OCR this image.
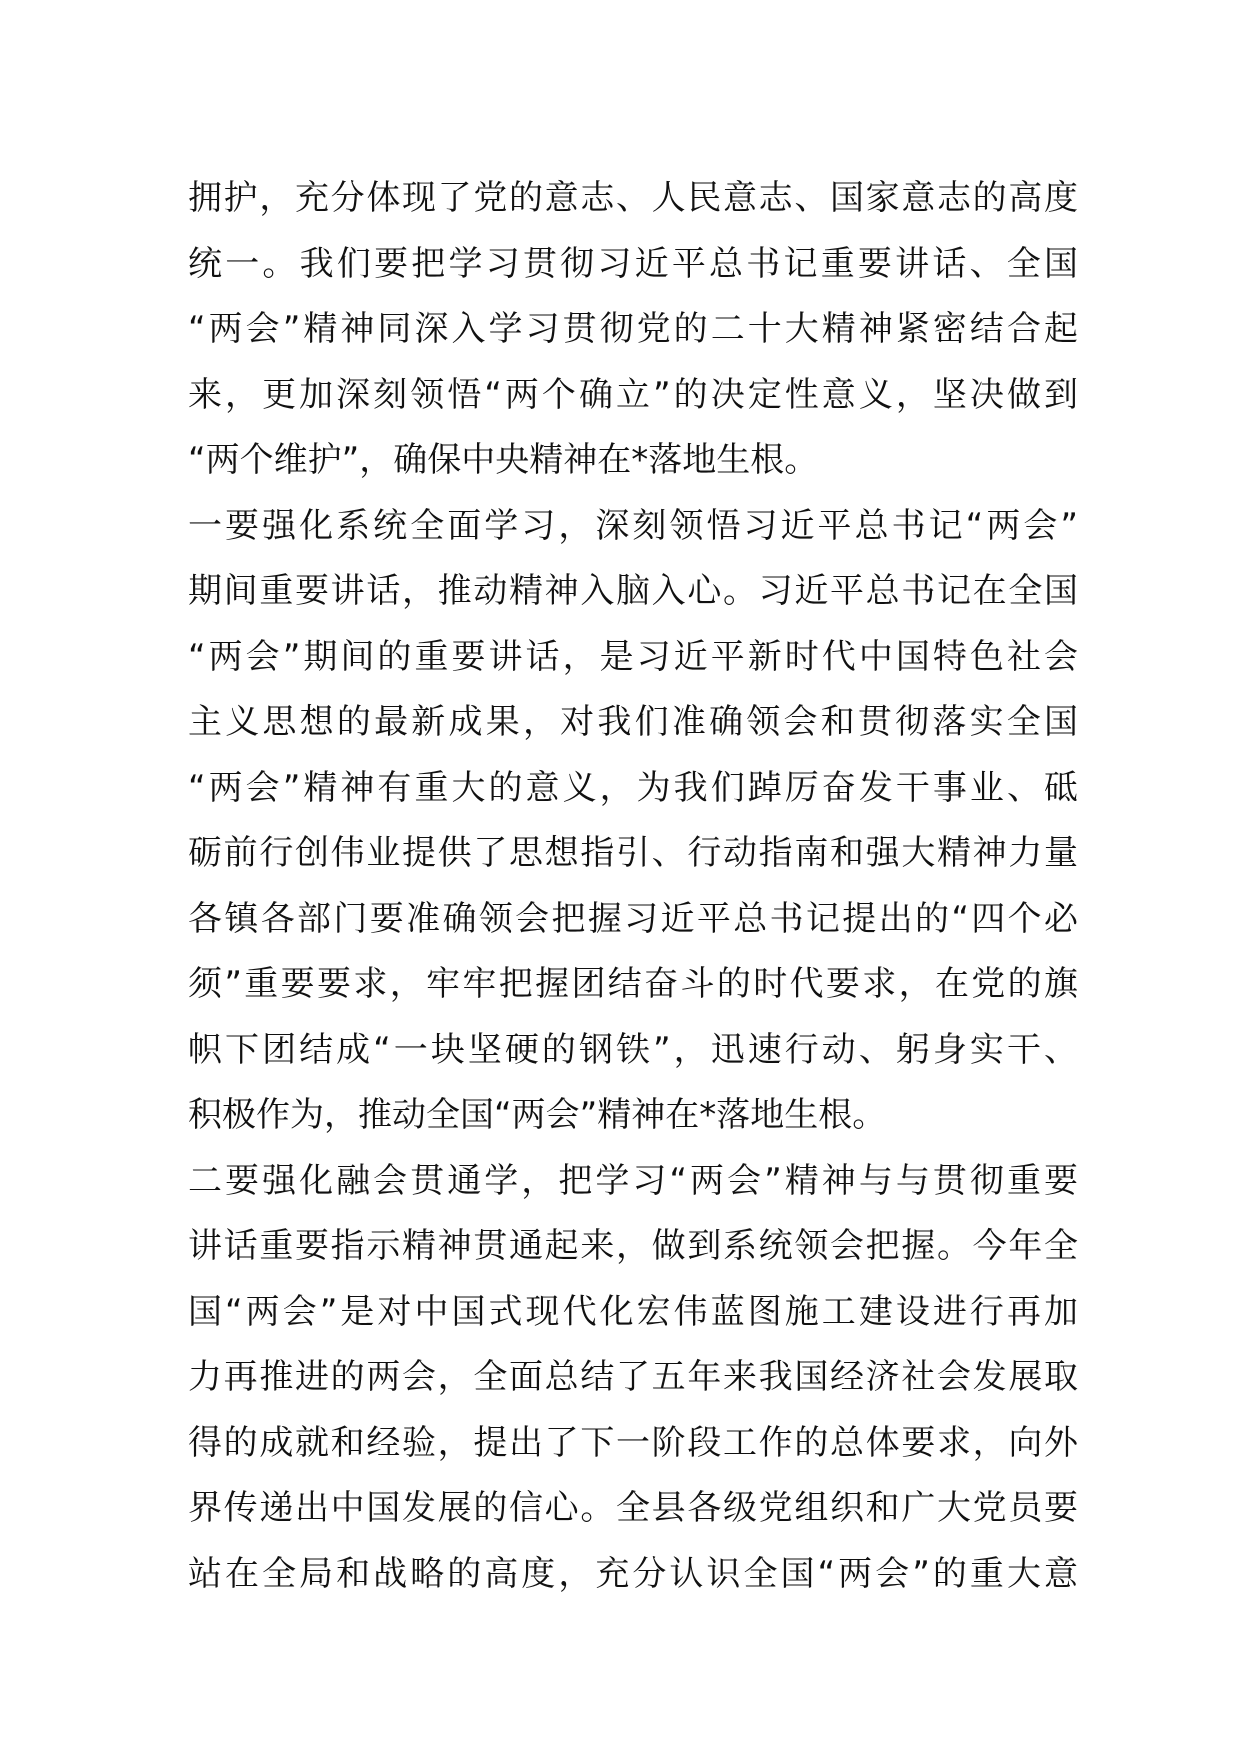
拥护，充分体现了党的意志、人民意志、国家意志的高度
统一。我们要把学习贯彻习近平总书记重要讲话、全国
“两会”精神同深入学习贯彻党的二十大精神紧密结合起
来，更加深刻领悟“两个确立”的决定性意义，坚决做到
“两个维护”，确保中央精神在*落地生根。
一要强化系统全面学习，深刻领悟习近平总书记“两会”
期间重要讲话，推动精神入脑入心。习近平总书记在全国
“两会”期间的重要讲话，是习近平新时代中国特色社会
主义思想的最新成果，对我们准确领会和贯彻落实全国
“两会”精神有重大的意义，为我们踔厉奋发干事业、砥
砺前行创伟业提供了思想指引、行动指南和强大精神力量
各镇各部门要准确领会把握习近平总书记提出的“四个必
须”重要要求，牢牢把握团结奋斗的时代要求，在党的旗
帜下团结成“一块坚硬的钢铁”，迅速行动、躬身实干、
积极作为，推动全国“两会”精神在*落地生根。
二要强化融会贯通学，把学习“两会”精神与与贯彻重要
讲话重要指示精神贯通起来，做到系统领会把握。今年全
国“两会”是对中国式现代化宏伟蓝图施工建设进行再加
力再推进的两会，全面总结了五年来我国经济社会发展取
得的成就和经验，提出了下一阶段工作的总体要求，向外
界传递出中国发展的信心。全县各级党组织和广大党员要
站在全局和战略的高度，充分认识全国“两会”的重大意
